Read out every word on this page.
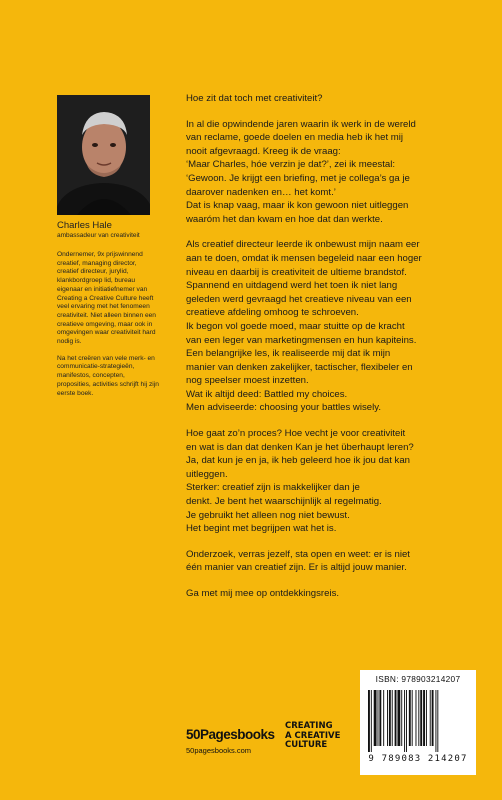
Charles Hale
ambassadeur van creativiteit

Ondernemer, 9x prijswinnend creatief, managing director, creatief directeur, jurylid, klankbordgroep lid, bureau eigenaar en initiatiefnemer van Creating a Creative Culture heeft veel ervaring met het fenomeen creativiteit. Niet alleen binnen een creatieve omgeving, maar ook in omgevingen waar creativiteit hard nodig is.

Na het creëren van vele merk- en communicatie-strategieën, manifestos, concepten, proposities, activities schrijft hij zijn eerste boek.

Hoe zit dat toch met creativiteit?

In al die opwindende jaren waarin ik werk in de wereld
van reclame, goede doelen en media heb ik het mij
nooit afgevraagd. Kreeg ik de vraag:
‘Maar Charles, hóe verzin je dat?’, zei ik meestal:
‘Gewoon. Je krijgt een briefing, met je collega’s ga je
daarover nadenken en… het komt.’
Dat is knap vaag, maar ik kon gewoon niet uitleggen
waaróm het dan kwam en hoe dat dan werkte.

Als creatief directeur leerde ik onbewust mijn naam eer
aan te doen, omdat ik mensen begeleid naar een hoger
niveau en daarbij is creativiteit de ultieme brandstof.
Spannend en uitdagend werd het toen ik niet lang
geleden werd gevraagd het creatieve niveau van een
creatieve afdeling omhoog te schroeven.
Ik begon vol goede moed, maar stuitte op de kracht
van een leger van marketingmensen en hun kapiteins.
Een belangrijke les, ik realiseerde mij dat ik mijn
manier van denken zakelijker, tactischer, flexibeler en
nog speelser moest inzetten.
Wat ik altijd deed: Battled my choices.
Men adviseerde: choosing your battles wisely.

Hoe gaat zo’n proces? Hoe vecht je voor creativiteit
en wat is dan dat denken Kan je het überhaupt leren?
Ja, dat kun je en ja, ik heb geleerd hoe ik jou dat kan
uitleggen.
Sterker: creatief zijn is makkelijker dan je
denkt. Je bent het waarschijnlijk al regelmatig.
Je gebruikt het alleen nog niet bewust.
Het begint met begrijpen wat het is.

Onderzoek, verras jezelf, sta open en weet: er is niet
één manier van creatief zijn. Er is altijd jouw manier.

Ga met mij mee op ontdekkingsreis.

ISBN: 978903214207
9 789083 214207
50Pagesbooks
50pagesbooks.com
CREATING
A CREATIVE
CULTURE
